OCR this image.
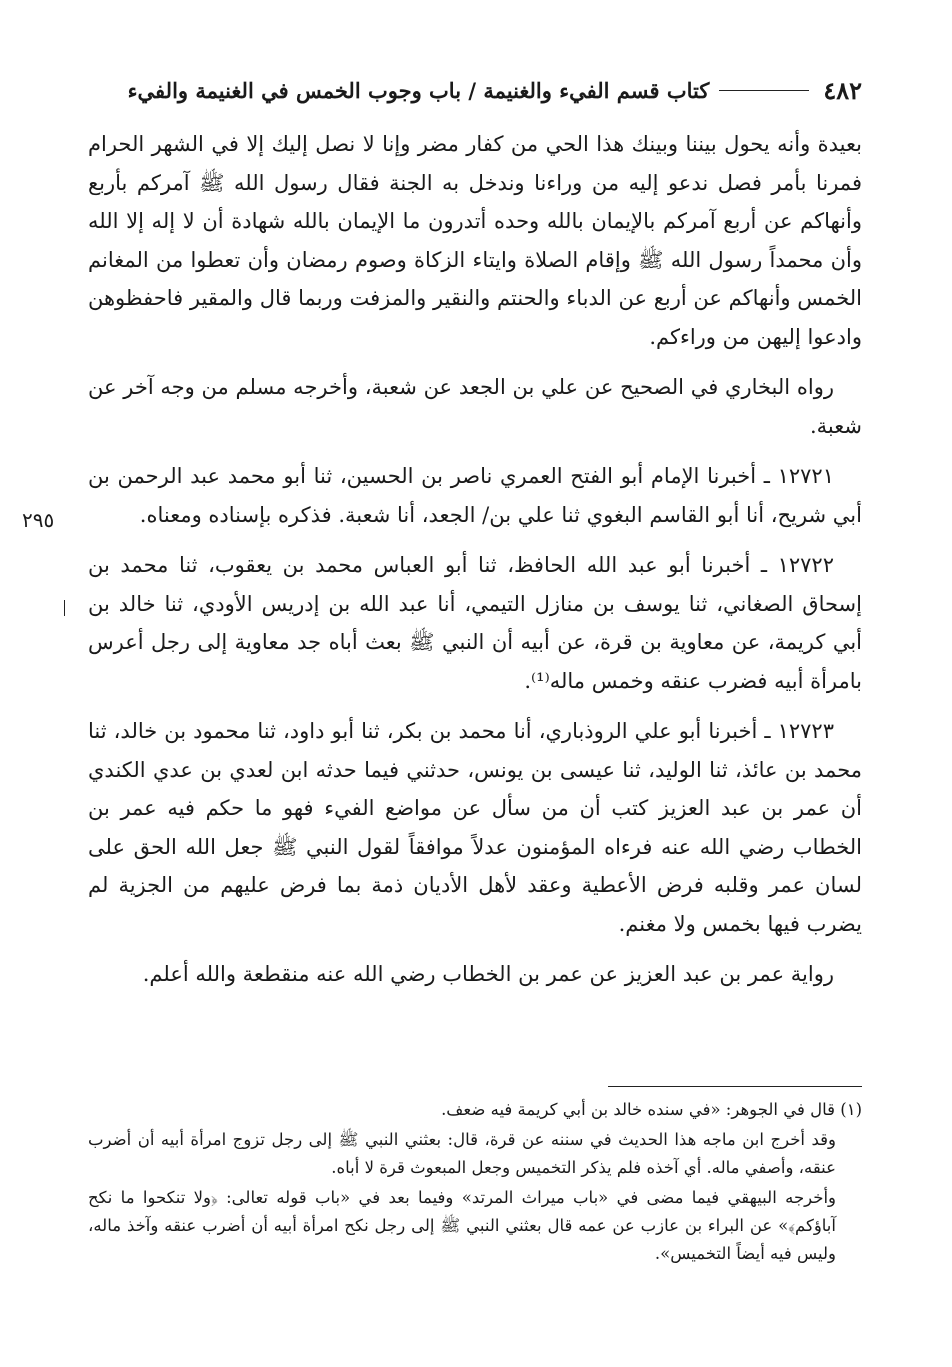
٤٨٢
كتاب قسم الفيء والغنيمة / باب وجوب الخمس في الغنيمة والفيء
٢٩٥

بعيدة وأنه يحول بيننا وبينك هذا الحي من كفار مضر وإنا لا نصل إليك إلا في الشهر الحرام فمرنا بأمر فصل ندعو إليه من وراءنا وندخل به الجنة فقال رسول الله ﷺ آمركم بأربع وأنهاكم عن أربع آمركم بالإيمان بالله وحده أتدرون ما الإيمان بالله شهادة أن لا إله إلا الله وأن محمداً رسول الله ﷺ وإقام الصلاة وايتاء الزكاة وصوم رمضان وأن تعطوا من المغانم الخمس وأنهاكم عن أربع عن الدباء والحنتم والنقير والمزفت وربما قال والمقير فاحفظوهن وادعوا إليهن من وراءكم.

رواه البخاري في الصحيح عن علي بن الجعد عن شعبة، وأخرجه مسلم من وجه آخر عن شعبة.

١٢٧٢١ ـ أخبرنا الإمام أبو الفتح العمري ناصر بن الحسين، ثنا أبو محمد عبد الرحمن بن أبي شريح، أنا أبو القاسم البغوي ثنا علي بن/ الجعد، أنا شعبة. فذكره بإسناده ومعناه.

١٢٧٢٢ ـ أخبرنا أبو عبد الله الحافظ، ثنا أبو العباس محمد بن يعقوب، ثنا محمد بن إسحاق الصغاني، ثنا يوسف بن منازل التيمي، أنا عبد الله بن إدريس الأودي، ثنا خالد بن أبي كريمة، عن معاوية بن قرة، عن أبيه أن النبي ﷺ بعث أباه جد معاوية إلى رجل أعرس بامرأة أبيه فضرب عنقه وخمس ماله⁽¹⁾.

١٢٧٢٣ ـ أخبرنا أبو علي الروذباري، أنا محمد بن بكر، ثنا أبو داود، ثنا محمود بن خالد، ثنا محمد بن عائذ، ثنا الوليد، ثنا عيسى بن يونس، حدثني فيما حدثه ابن لعدي بن عدي الكندي أن عمر بن عبد العزيز كتب أن من سأل عن مواضع الفيء فهو ما حكم فيه عمر بن الخطاب رضي الله عنه فرءاه المؤمنون عدلاً موافقاً لقول النبي ﷺ جعل الله الحق على لسان عمر وقلبه فرض الأعطية وعقد لأهل الأديان ذمة بما فرض عليهم من الجزية لم يضرب فيها بخمس ولا مغنم.

رواية عمر بن عبد العزيز عن عمر بن الخطاب رضي الله عنه منقطعة والله أعلم.

(١) قال في الجوهر: «في سنده خالد بن أبي كريمة فيه ضعف.

وقد أخرج ابن ماجه هذا الحديث في سننه عن قرة، قال: بعثني النبي ﷺ إلى رجل تزوج امرأة أبيه أن أضرب عنقه، وأصفي ماله. أي آخذه فلم يذكر التخميس وجعل المبعوث قرة لا أباه.

وأخرجه البيهقي فيما مضى في «باب ميراث المرتد» وفيما بعد في «باب قوله تعالى: ﴿ولا تنكحوا ما نكح آباؤكم﴾» عن البراء بن عازب عن عمه قال بعثني النبي ﷺ إلى رجل نكح امرأة أبيه أن أضرب عنقه وآخذ ماله، وليس فيه أيضاً التخميس».
